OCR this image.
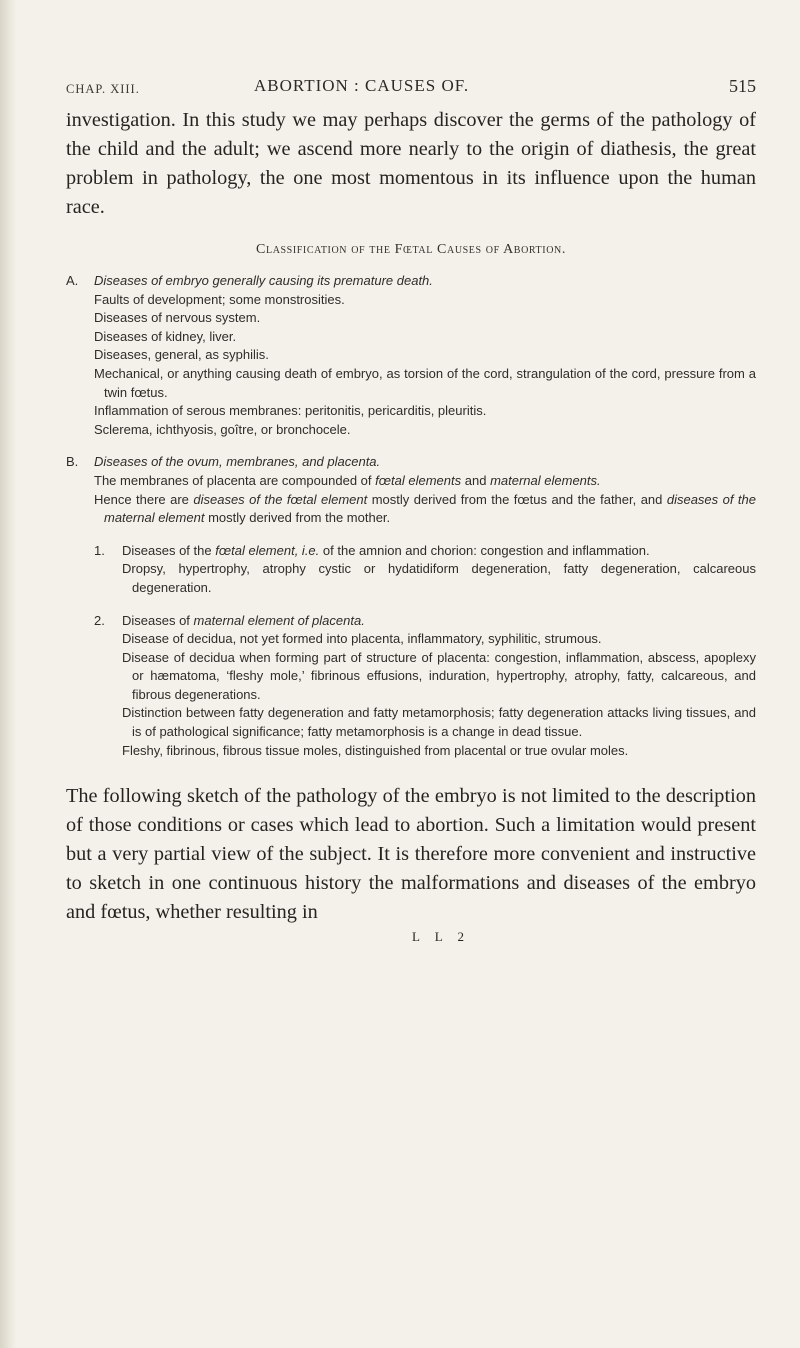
CHAP. XIII.	ABORTION : CAUSES OF.	515

investigation. In this study we may perhaps discover the germs of the pathology of the child and the adult; we ascend more nearly to the origin of diathesis, the great problem in pathology, the one most momentous in its influence upon the human race.

Classification of the Fœtal Causes of Abortion.
A. Diseases of embryo generally causing its premature death.
Faults of development; some monstrosities.
Diseases of nervous system.
Diseases of kidney, liver.
Diseases, general, as syphilis.
Mechanical, or anything causing death of embryo, as torsion of the cord, strangulation of the cord, pressure from a twin fœtus.
Inflammation of serous membranes: peritonitis, pericarditis, pleuritis.
Sclerema, ichthyosis, goître, or bronchocele.
B. Diseases of the ovum, membranes, and placenta.
The membranes of placenta are compounded of fœtal elements and maternal elements.
Hence there are diseases of the fœtal element mostly derived from the fœtus and the father, and diseases of the maternal element mostly derived from the mother.
1. Diseases of the fœtal element, i.e. of the amnion and chorion: congestion and inflammation.
Dropsy, hypertrophy, atrophy cystic or hydatidiform degeneration, fatty degeneration, calcareous degeneration.
2. Diseases of maternal element of placenta.
Disease of decidua, not yet formed into placenta, inflammatory, syphilitic, strumous.
Disease of decidua when forming part of structure of placenta: congestion, inflammation, abscess, apoplexy or hæmatoma, ‘fleshy mole,’ fibrinous effusions, induration, hypertrophy, atrophy, fatty, calcareous, and fibrous degenerations.
Distinction between fatty degeneration and fatty metamorphosis; fatty degeneration attacks living tissues, and is of pathological significance; fatty metamorphosis is a change in dead tissue.
Fleshy, fibrinous, fibrous tissue moles, distinguished from placental or true ovular moles.

The following sketch of the pathology of the embryo is not limited to the description of those conditions or cases which lead to abortion. Such a limitation would present but a very partial view of the subject. It is therefore more convenient and instructive to sketch in one continuous history the malformations and diseases of the embryo and fœtus, whether resulting in

L L 2
